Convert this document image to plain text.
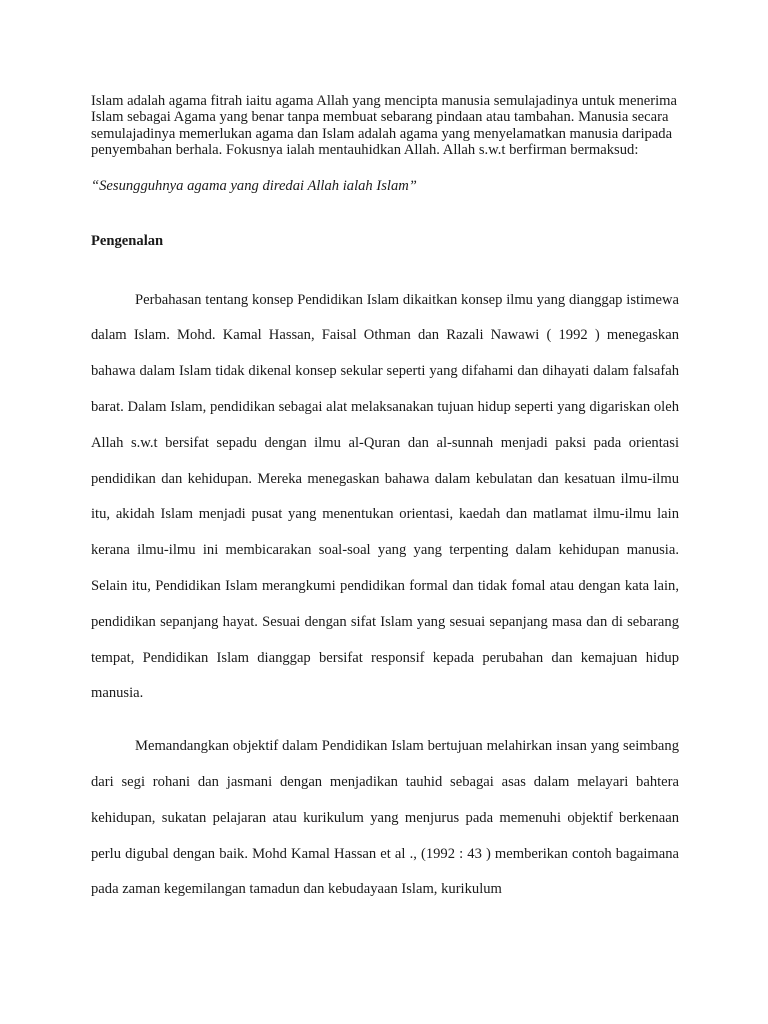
Islam adalah agama fitrah iaitu agama Allah yang mencipta manusia semulajadinya untuk menerima Islam sebagai Agama yang benar tanpa membuat sebarang pindaan atau tambahan. Manusia secara semulajadinya memerlukan agama dan Islam adalah agama yang menyelamatkan manusia daripada penyembahan berhala. Fokusnya ialah mentauhidkan Allah. Allah s.w.t berfirman bermaksud:

“Sesungguhnya agama yang diredai Allah ialah Islam”

Pengenalan

Perbahasan tentang konsep Pendidikan Islam dikaitkan konsep ilmu yang dianggap istimewa dalam Islam. Mohd. Kamal Hassan, Faisal Othman dan Razali Nawawi ( 1992 ) menegaskan bahawa dalam Islam tidak dikenal konsep sekular seperti yang difahami dan dihayati dalam falsafah barat. Dalam Islam, pendidikan sebagai alat melaksanakan tujuan hidup seperti yang digariskan oleh Allah s.w.t bersifat sepadu dengan ilmu al-Quran dan al-sunnah menjadi paksi pada orientasi pendidikan dan kehidupan. Mereka menegaskan bahawa dalam kebulatan dan kesatuan ilmu-ilmu itu, akidah Islam menjadi pusat yang menentukan orientasi, kaedah dan matlamat ilmu-ilmu lain kerana ilmu-ilmu ini membicarakan soal-soal yang yang terpenting dalam kehidupan manusia. Selain itu, Pendidikan Islam merangkumi pendidikan formal dan tidak fomal atau dengan kata lain, pendidikan sepanjang hayat. Sesuai dengan sifat Islam yang sesuai sepanjang masa dan di sebarang tempat, Pendidikan Islam dianggap bersifat responsif kepada perubahan dan kemajuan hidup manusia.

Memandangkan objektif dalam Pendidikan Islam bertujuan melahirkan insan yang seimbang dari segi rohani dan jasmani dengan menjadikan tauhid sebagai asas dalam melayari bahtera kehidupan, sukatan pelajaran atau kurikulum yang menjurus pada memenuhi objektif berkenaan perlu digubal dengan baik. Mohd Kamal Hassan et al ., (1992 : 43 ) memberikan contoh bagaimana pada zaman kegemilangan tamadun dan kebudayaan Islam, kurikulum
